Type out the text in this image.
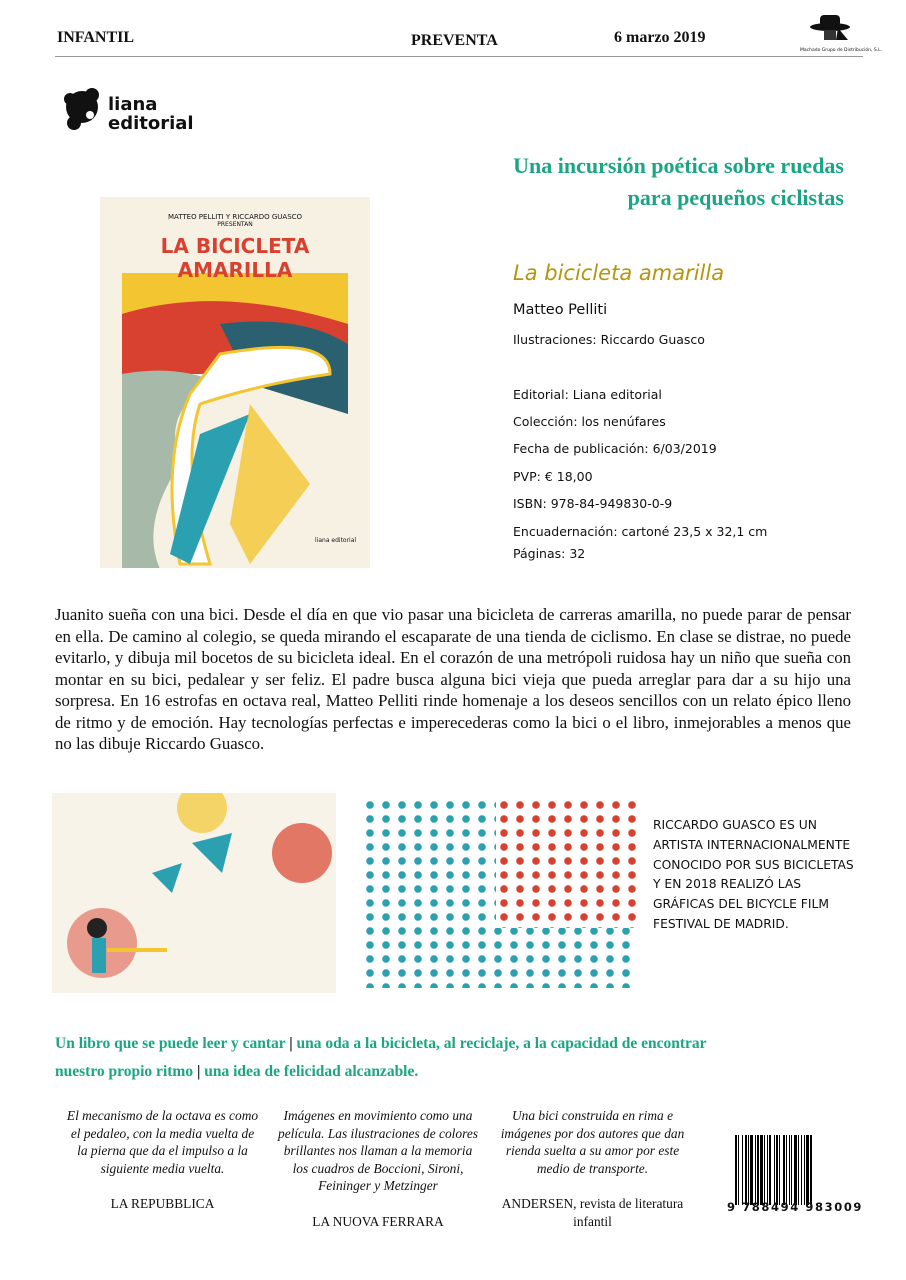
INFANTIL	PREVENTA	6 marzo 2019
Machado Grupo de Distribución, S.L.
liana
editorial
Una incursión poética sobre ruedas
para pequeños ciclistas
MATTEO PELLITI Y RICCARDO GUASCO
PRESENTAN
LA BICICLETA AMARILLA
liana editorial
La bicicleta amarilla
Matteo Pelliti
Ilustraciones: Riccardo Guasco
Editorial: Liana editorial
Colección: los nenúfares
Fecha de publicación: 6/03/2019
PVP: € 18,00
ISBN: 978-84-949830-0-9
Encuadernación: cartoné 23,5 x 32,1 cm
Páginas: 32
Juanito sueña con una bici. Desde el día en que vio pasar una bicicleta de carreras amarilla, no puede parar de pensar en ella. De camino al colegio, se queda mirando el escaparate de una tienda de ciclismo. En clase se distrae, no puede evitarlo, y dibuja mil bocetos de su bicicleta ideal. En el corazón de una metrópoli ruidosa hay un niño que sueña con montar en su bici, pedalear y ser feliz. El padre busca alguna bici vieja que pueda arreglar para dar a su hijo una sorpresa. En 16 estrofas en octava real, Matteo Pelliti rinde homenaje a los deseos sencillos con un relato épico lleno de ritmo y de emoción. Hay tecnologías perfectas e imperecederas como la bici o el libro, inmejorables a menos que no las dibuje Riccardo Guasco.
RICCARDO GUASCO ES UN ARTISTA INTERNACIONALMENTE CONOCIDO POR SUS BICICLETAS Y EN 2018 REALIZÓ LAS GRÁFICAS DEL BICYCLE FILM FESTIVAL DE MADRID.
Un libro que se puede leer y cantar | una oda a la bicicleta, al reciclaje, a la capacidad de encontrar nuestro propio ritmo | una idea de felicidad alcanzable.
El mecanismo de la octava es como el pedaleo, con la media vuelta de la pierna que da el impulso a la siguiente media vuelta.
LA REPUBBLICA
Imágenes en movimiento como una película. Las ilustraciones de colores brillantes nos llaman a la memoria los cuadros de Boccioni, Sironi, Feininger y Metzinger
LA NUOVA FERRARA
Una bici construida en rima e imágenes por dos autores que dan rienda suelta a su amor por este medio de transporte.
ANDERSEN, revista de literatura infantil
9 788494 983009
